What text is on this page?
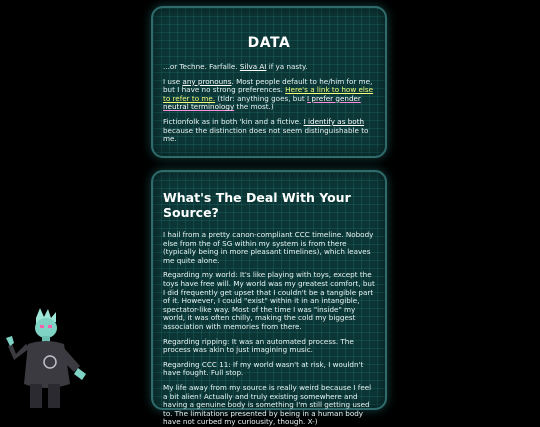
DATA

...or Techne. Farfalle. Silva AI if ya nasty.

I use any pronouns. Most people default to he/him for me, but I have no strong preferences. Here's a link to how else to refer to me. (tldr: anything goes, but I prefer gender neutral terminology the most.)

Fictionfolk as in both 'kin and a fictive. I identify as both because the distinction does not seem distinguishable to me.

What's The Deal With Your Source?

I hail from a pretty canon-compliant CCC timeline. Nobody else from the of SG within my system is from there (typically being in more pleasant timelines), which leaves me quite alone.

Regarding my world: It's like playing with toys, except the toys have free will. My world was my greatest comfort, but I did frequently get upset that I couldn't be a tangible part of it. However, I could "exist" within it in an intangible, spectator-like way. Most of the time I was "inside" my world, it was often chilly, making the cold my biggest association with memories from there.

Regarding ripping: It was an automated process. The process was akin to just imagining music.

Regarding CCC 11: If my world wasn't at risk, I wouldn't have fought. Full stop.

My life away from my source is really weird because I feel a bit alien! Actually and truly existing somewhere and having a genuine body is something I'm still getting used to. The limitations presented by being in a human body have not curbed my curiousity, though. X-)
